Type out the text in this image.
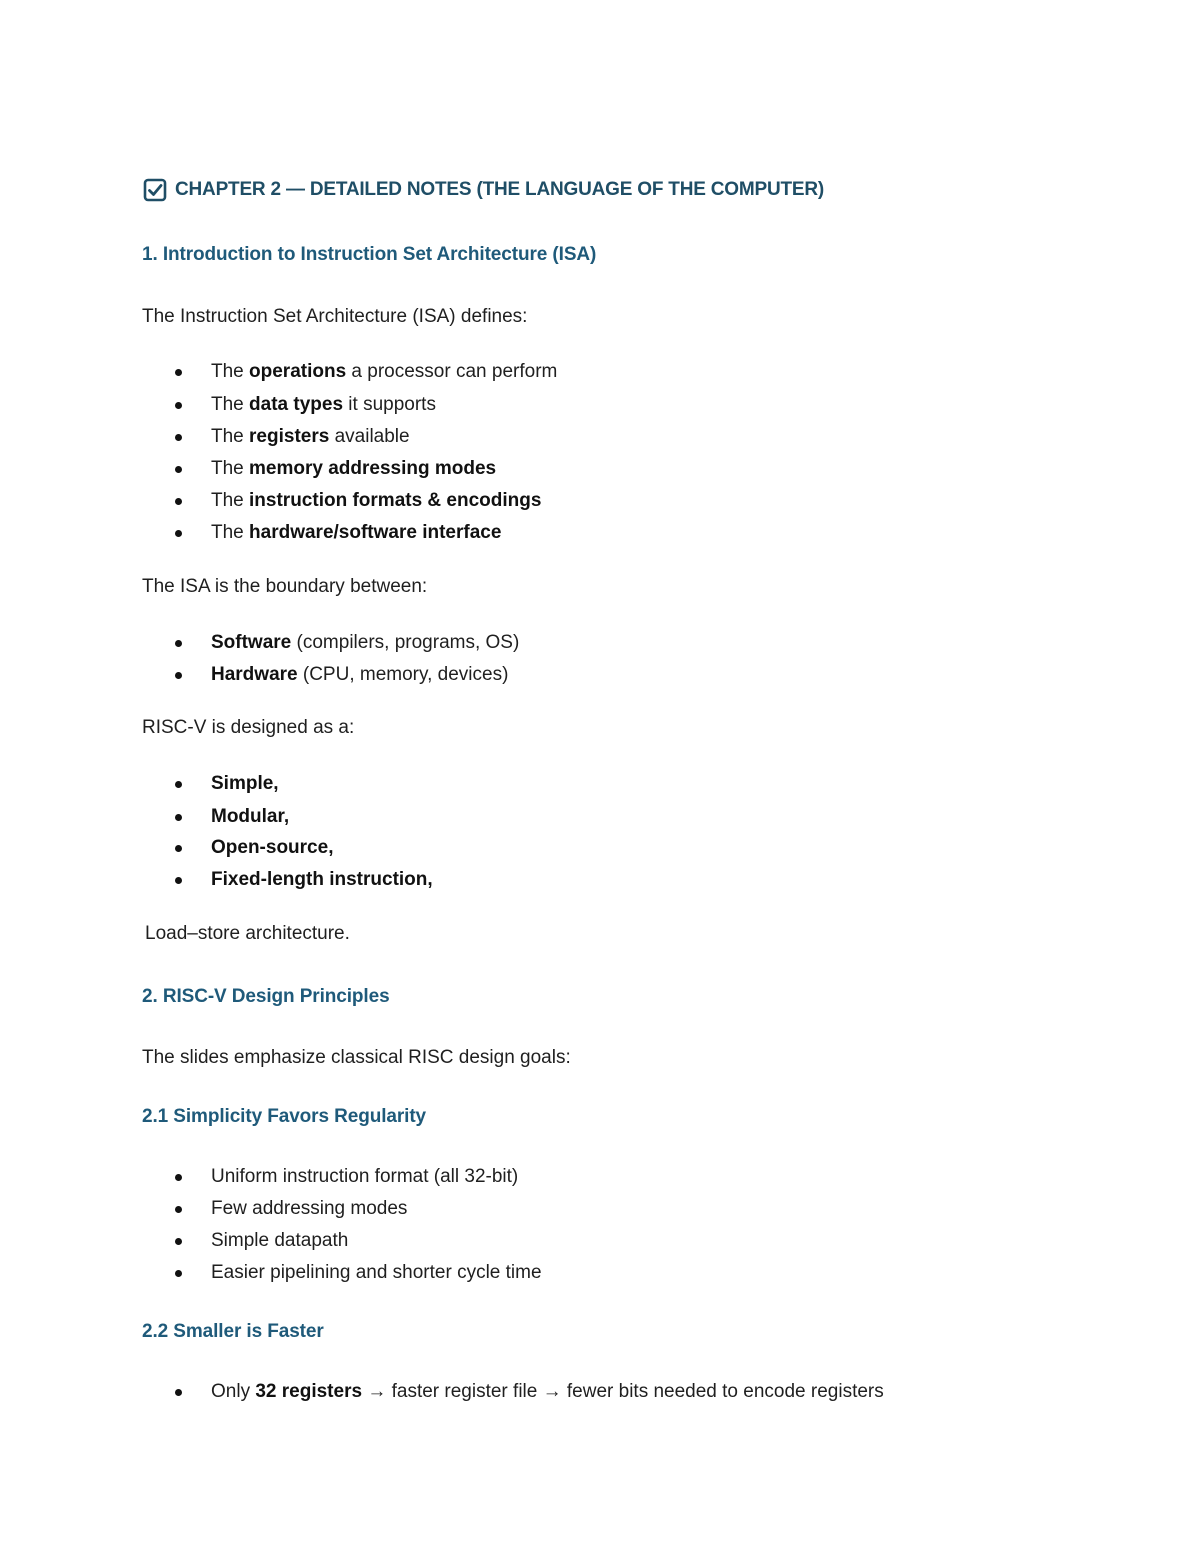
CHAPTER 2 — DETAILED NOTES (THE LANGUAGE OF THE COMPUTER)
1. Introduction to Instruction Set Architecture (ISA)
The Instruction Set Architecture (ISA) defines:
The operations a processor can perform
The data types it supports
The registers available
The memory addressing modes
The instruction formats & encodings
The hardware/software interface
The ISA is the boundary between:
Software (compilers, programs, OS)
Hardware (CPU, memory, devices)
RISC-V is designed as a:
Simple,
Modular,
Open-source,
Fixed-length instruction,
Load–store architecture.
2. RISC-V Design Principles
The slides emphasize classical RISC design goals:
2.1 Simplicity Favors Regularity
Uniform instruction format (all 32-bit)
Few addressing modes
Simple datapath
Easier pipelining and shorter cycle time
2.2 Smaller is Faster
Only 32 registers → faster register file → fewer bits needed to encode registers
